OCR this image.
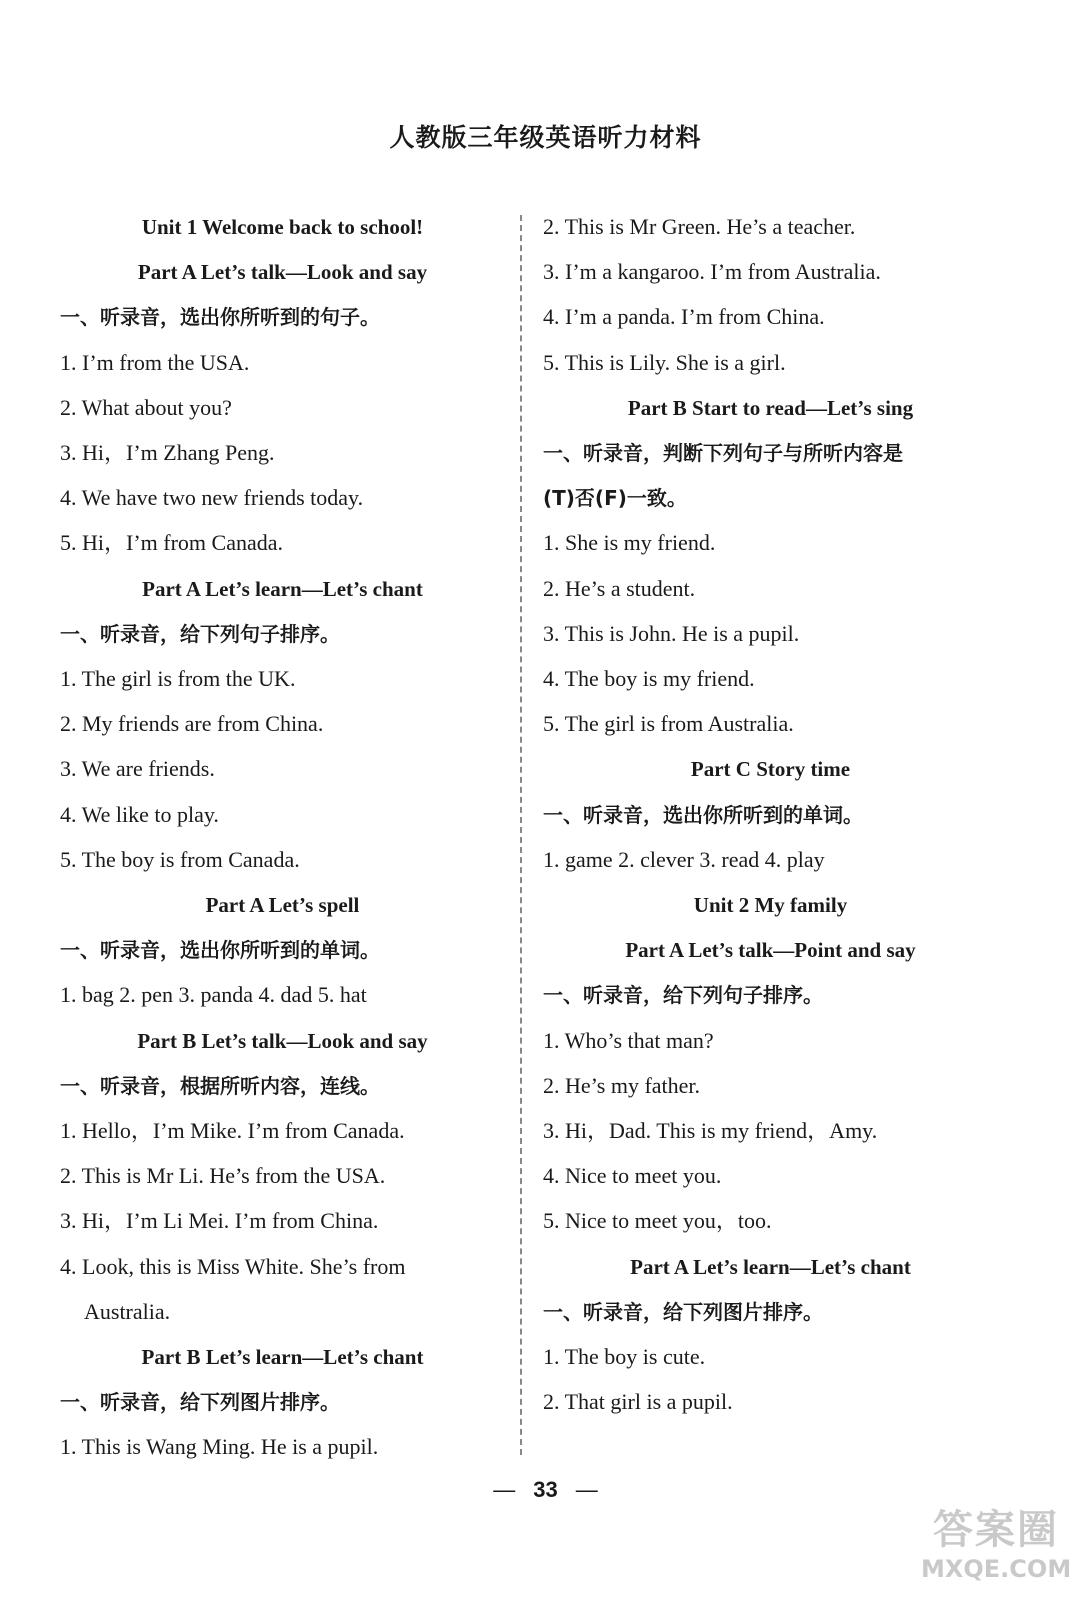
人教版三年级英语听力材料
Unit 1 Welcome back to school!
Part A Let’s talk—Look and say
一、听录音，选出你所听到的句子。
1. I’m from the USA.
2. What about you?
3. Hi，I’m Zhang Peng.
4. We have two new friends today.
5. Hi，I’m from Canada.
Part A Let’s learn—Let’s chant
一、听录音，给下列句子排序。
1. The girl is from the UK.
2. My friends are from China.
3. We are friends.
4. We like to play.
5. The boy is from Canada.
Part A Let’s spell
一、听录音，选出你所听到的单词。
1. bag 2. pen 3. panda 4. dad 5. hat
Part B Let’s talk—Look and say
一、听录音，根据所听内容，连线。
1. Hello，I’m Mike. I’m from Canada.
2. This is Mr Li. He’s from the USA.
3. Hi，I’m Li Mei. I’m from China.
4. Look, this is Miss White. She’s from
Australia.
Part B Let’s learn—Let’s chant
一、听录音，给下列图片排序。
1. This is Wang Ming. He is a pupil.
2. This is Mr Green. He’s a teacher.
3. I’m a kangaroo. I’m from Australia.
4. I’m a panda. I’m from China.
5. This is Lily. She is a girl.
Part B Start to read—Let’s sing
一、听录音，判断下列句子与所听内容是
(T)否(F)一致。
1. She is my friend.
2. He’s a student.
3. This is John. He is a pupil.
4. The boy is my friend.
5. The girl is from Australia.
Part C Story time
一、听录音，选出你所听到的单词。
1. game 2. clever 3. read 4. play
Unit 2 My family
Part A Let’s talk—Point and say
一、听录音，给下列句子排序。
1. Who’s that man?
2. He’s my father.
3. Hi，Dad. This is my friend，Amy.
4. Nice to meet you.
5. Nice to meet you，too.
Part A Let’s learn—Let’s chant
一、听录音，给下列图片排序。
1. The boy is cute.
2. That girl is a pupil.
— 33 —
答案圈
MXQE.COM
